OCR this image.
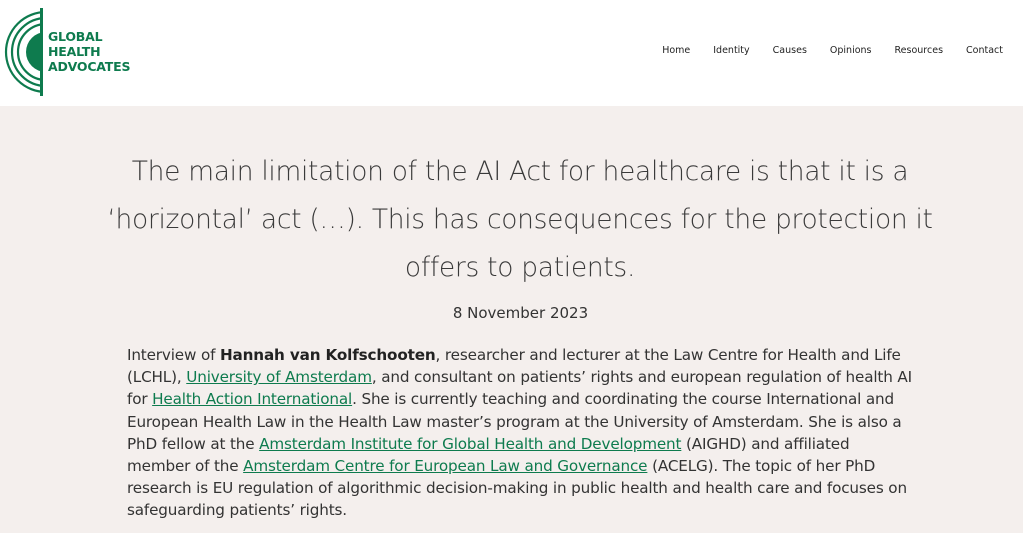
GLOBAL
HEALTH
ADVOCATES
Home Identity Causes Opinions Resources Contact
The main limitation of the AI Act for healthcare is that it is a ‘horizontal’ act (…). This has consequences for the protection it offers to patients.
8 November 2023

Interview of Hannah van Kolfschooten, researcher and lecturer at the Law Centre for Health and Life (LCHL), University of Amsterdam, and consultant on patients’ rights and european regulation of health AI for Health Action International. She is currently teaching and coordinating the course International and European Health Law in the Health Law master’s program at the University of Amsterdam. She is also a PhD fellow at the Amsterdam Institute for Global Health and Development (AIGHD) and affiliated member of the Amsterdam Centre for European Law and Governance (ACELG). The topic of her PhD research is EU regulation of algorithmic decision-making in public health and health care and focuses on safeguarding patients’ rights.
